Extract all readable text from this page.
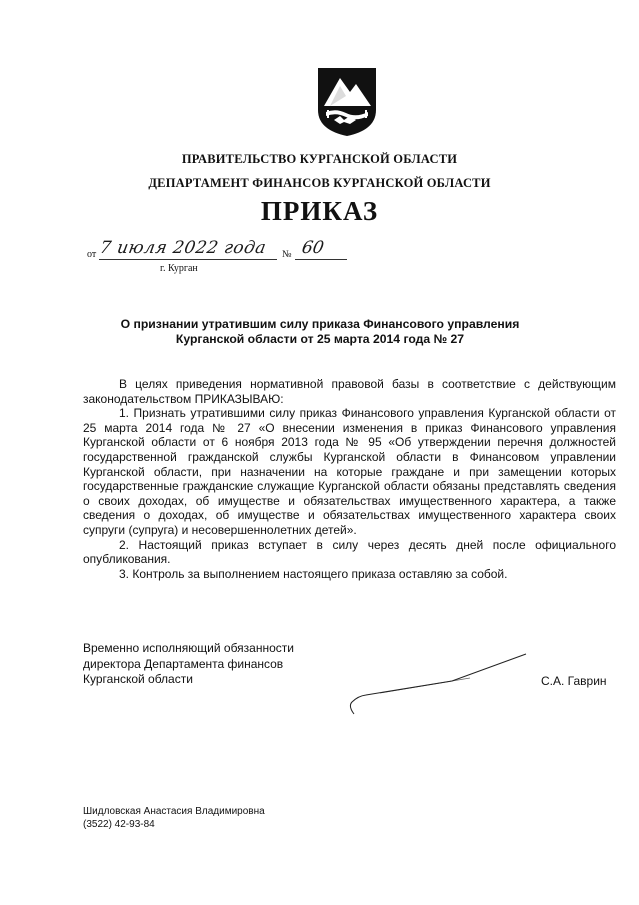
ПРАВИТЕЛЬСТВО КУРГАНСКОЙ ОБЛАСТИ
ДЕПАРТАМЕНТ ФИНАНСОВ КУРГАНСКОЙ ОБЛАСТИ
ПРИКАЗ
от 7 июля 2022 года № 60
г. Курган
О признании утратившим силу приказа Финансового управления
Курганской области от 25 марта 2014 года № 27

В целях приведения нормативной правовой базы в соответствие с действующим законодательством ПРИКАЗЫВАЮ:

1. Признать утратившими силу приказ Финансового управления Курганской области от 25 марта 2014 года № 27 «О внесении изменения в приказ Финансового управления Курганской области от 6 ноября 2013 года № 95 «Об утверждении перечня должностей государственной гражданской службы Курганской области в Финансовом управлении Курганской области, при назначении на которые граждане и при замещении которых государственные гражданские служащие Курганской области обязаны представлять сведения о своих доходах, об имуществе и обязательствах имущественного характера, а также сведения о доходах, об имуществе и обязательствах имущественного характера своих супруги (супруга) и несовершеннолетних детей».

2. Настоящий приказ вступает в силу через десять дней после официального опубликования.

3. Контроль за выполнением настоящего приказа оставляю за собой.

Временно исполняющий обязанности
директора Департамента финансов
Курганской области	С.А. Гаврин
Шидловская Анастасия Владимировна
(3522) 42-93-84
